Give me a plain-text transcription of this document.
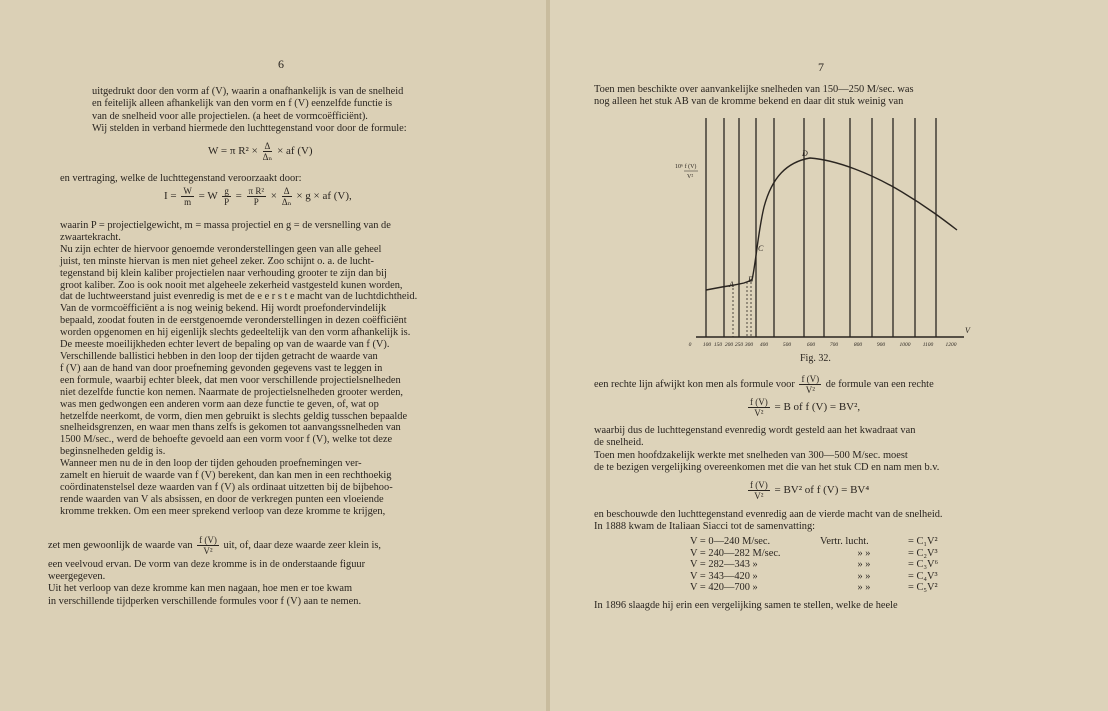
6

uitgedrukt door den vorm af (V), waarin a onafhankelijk is van de snelheid

en feitelijk alleen afhankelijk van den vorm en f (V) eenzelfde functie is

van de snelheid voor alle projectielen. (a heet de vormcoëfficiënt).

Wij stelden in verband hiermede den luchttegenstand voor door de formule:

W = π $R^2 \times \frac{\Delta}{\text{Δₙ}}$ × af (V)
en vertraging, welke de luchttegenstand veroorzaakt door:
$I = \frac{W}{m} = W \frac{g}{P} = \frac{\text{π R²}}{P} \times \frac{\Delta}{\text{Δₙ}} \times g$ × af (V),

waarin P = projectielgewicht, m = massa projectiel en g = de versnelling van de

zwaartekracht.

Nu zijn echter de hiervoor genoemde veronderstellingen geen van alle geheel

juist, ten minste hiervan is men niet geheel zeker. Zoo schijnt o. a. de lucht-

tegenstand bij klein kaliber projectielen naar verhouding grooter te zijn dan bij

groot kaliber. Zoo is ook nooit met algeheele zekerheid vastgesteld kunen worden,

dat de luchtweerstand juist evenredig is met de e e r s t e macht van de luchtdichtheid.

Van de vormcoëfficiënt a is nog weinig bekend. Hij wordt proefondervindelijk

bepaald, zoodat fouten in de eerstgenoemde veronderstellingen in dezen coëfficiënt

worden opgenomen en hij eigenlijk slechts gedeeltelijk van den vorm afhankelijk is.

De meeste moeilijkheden echter levert de bepaling op van de waarde van f (V).

Verschillende ballistici hebben in den loop der tijden getracht de waarde van

f (V) aan de hand van door proefneming gevonden gegevens vast te leggen in

een formule, waarbij echter bleek, dat men voor verschillende projectielsnelheden

niet dezelfde functie kon nemen. Naarmate de projectielsnelheden grooter werden,

was men gedwongen een anderen vorm aan deze functie te geven, of, wat op

hetzelfde neerkomt, de vorm, dien men gebruikt is slechts geldig tusschen bepaalde

snelheidsgrenzen, en waar men thans zelfs is gekomen tot aanvangssnelheden van

1500 M/sec., werd de behoefte gevoeld aan een vorm voor f (V), welke tot deze

beginsnelheden geldig is.

Wanneer men nu de in den loop der tijden gehouden proefnemingen ver-

zamelt en hieruit de waarde van f (V) berekent, dan kan men in een rechthoekig

coördinatenstelsel deze waarden van f (V) als ordinaat uitzetten bij de bijbehoo-

rende waarden van V als absissen, en door de verkregen punten een vloeiende

kromme trekken. Om een meer sprekend verloop van deze kromme te krijgen,

zet men gewoonlijk de waarde van $\frac{f (V)}{\text{V²}}$ uit, of, daar deze waarde zeer klein is,

een veelvoud ervan. De vorm van deze kromme is in de onderstaande figuur

weergegeven.

Uit het verloop van deze kromme kan men nagaan, hoe men er toe kwam

in verschillende tijdperken verschillende formules voor f (V) aan te nemen.

7

Toen men beschikte over aanvankelijke snelheden van 150—250 M/sec. was

nog alleen het stuk AB van de kromme bekend en daar dit stuk weinig van

10⁶ f (V)
V²
A
B
C
D
V
0 100 150 200 250 300 400	500	600	700	800	900	1000 1100 1200
Fig. 32.
een rechte lijn afwijkt kon men als formule voor $\frac{f (V)}{\text{V²}}$ de formule van een rechte
$\frac{f (V)}{\text{V²}} = B$ of f (V) = BV²,

waarbij dus de luchttegenstand evenredig wordt gesteld aan het kwadraat van

de snelheid.

Toen men hoofdzakelijk werkte met snelheden van 300—500 M/sec. moest

de te bezigen vergelijking overeenkomen met die van het stuk CD en nam men b.v.

$\frac{f (V)}{\text{V²}} = BV^2$ of f (V) = BV⁴

en beschouwde den luchttegenstand evenredig aan de vierde macht van de snelheid.

In 1888 kwam de Italiaan Siacci tot de samenvatting:

V = 0—240 M/sec.	Vertr. lucht.	= C₁V²
V = 240—282 M/sec.	» »	= C₂V³
V = 282—343 »	» »	= C₃V⁶
V = 343—420 »	» »	= C₄V³
V = 420—700 »	» »	= C₅V²
In 1896 slaagde hij erin een vergelijking samen te stellen, welke de heele
